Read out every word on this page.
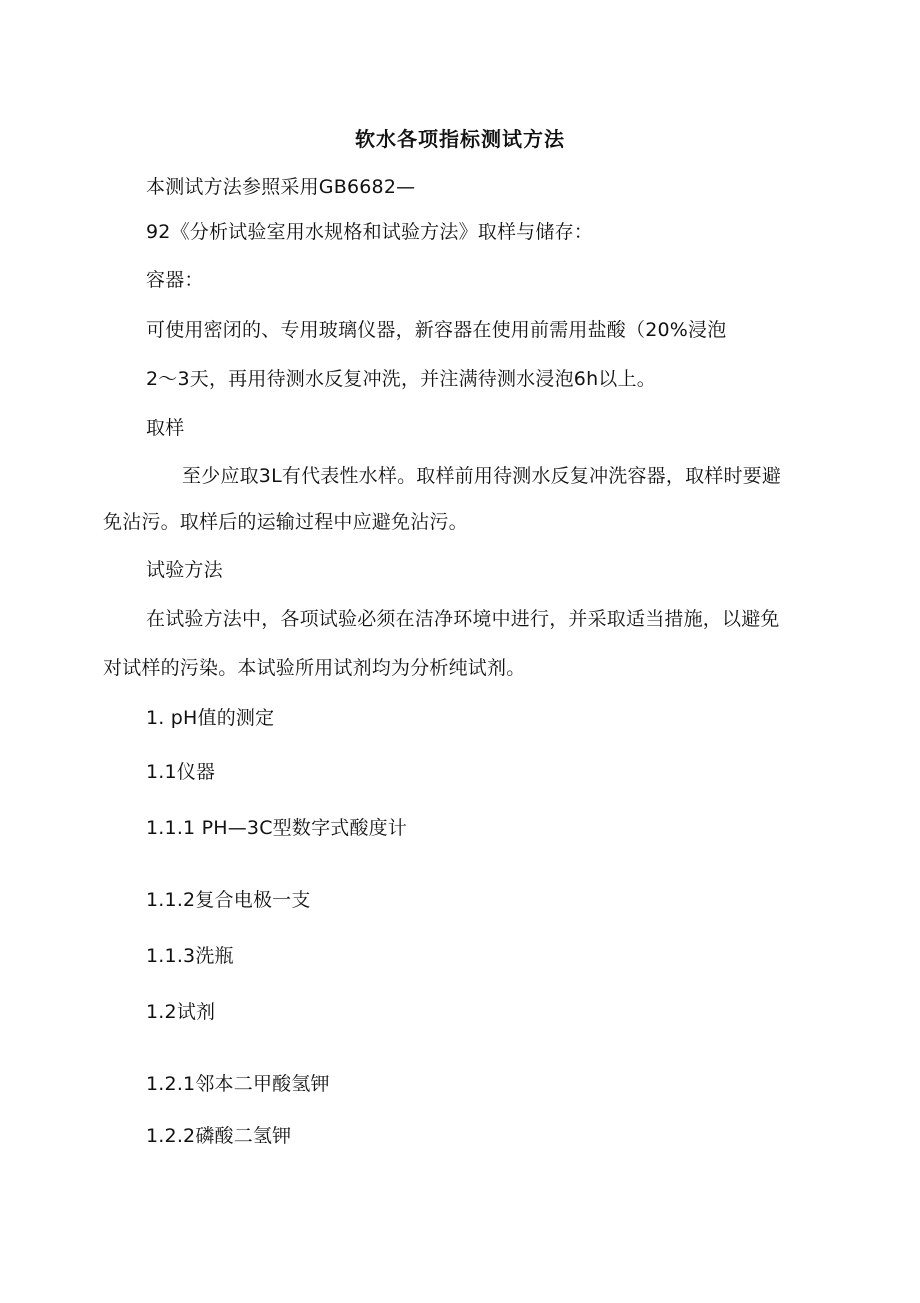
软水各项指标测试方法
本测试方法参照采用GB6682—
92《分析试验室用水规格和试验方法》取样与储存：
容器：
可使用密闭的、专用玻璃仪器，新容器在使用前需用盐酸（20%浸泡
2～3天，再用待测水反复冲洗，并注满待测水浸泡6h以上。
取样
至少应取3L有代表性水样。取样前用待测水反复冲洗容器，取样时要避
免沾污。取样后的运输过程中应避免沾污。
试验方法
在试验方法中，各项试验必须在洁净环境中进行，并采取适当措施，以避免
对试样的污染。本试验所用试剂均为分析纯试剂。
1. pH值的测定
1.1仪器
1.1.1 PH—3C型数字式酸度计
1.1.2复合电极一支
1.1.3洗瓶
1.2试剂
1.2.1邻本二甲酸氢钾
1.2.2磷酸二氢钾
